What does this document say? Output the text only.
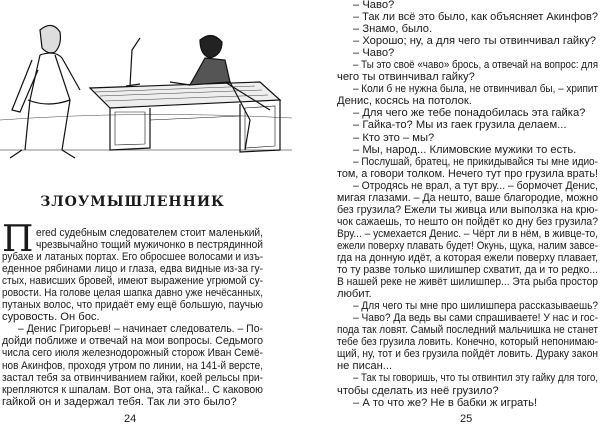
ЗЛОУМЫШЛЕННИК
П ered судебным следователем стоит маленький,
чрезвычайно тощий мужичонко в пестрядинной
рубахе и латаных портах. Его обросшее волосами и изъ-
еденное рябинами лицо и глаза, едва видные из-за гу-
стых, нависших бровей, имеют выражение угрюмой су-
ровости. На голове целая шапка давно уже нечёсанных,
путаных волос, что придаёт ему ещё большую, паучью
суровость. Он бос.
– Денис Григорьев! – начинает следователь. – По-
дойди поближе и отвечай на мои вопросы. Седьмого
числа сего июля железнодорожный сторож Иван Семё-
нов Акинфов, проходя утром по линии, на 141-й версте,
застал тебя за отвинчиванием гайки, коей рельсы при-
крепляются к шпалам. Вот она, эта гайка!.. С каковою
гайкой он и задержал тебя. Так ли это было?
24
– Чаво?
– Так ли всё это было, как объясняет Акинфов?
– Знамо, было.
– Хорошо; ну, а для чего ты отвинчивал гайку?
– Чаво?
– Ты это своё «чаво» брось, а отвечай на вопрос: для
чего ты отвинчивал гайку?
– Коли б не нужна была, не отвинчивал бы, – хрипит
Денис, косясь на потолок.
– Для чего же тебе понадобилась эта гайка?
– Гайка-то? Мы из гаек грузила делаем...
– Кто это – мы?
– Мы, народ... Климовские мужики то есть.
– Послушай, братец, не прикидывайся ты мне идио-
том, а говори толком. Нечего тут про грузила врать!
– Отродясь не врал, а тут вру... – бормочет Денис,
мигая глазами. – Да нешто, ваше благородие, можно
без грузила? Ежели ты живца или выползка на крю-
чок сажаешь, то нешто он пойдёт ко дну без грузила?
Вру... – усмехается Денис. – Чёрт ли в нём, в живце-то,
ежели поверху плавать будет! Окунь, щука, налим завсе-
гда на донную идёт, а которая ежели поверху плавает,
то ту разве только шилишпер схватит, да и то редко...
В нашей реке не живёт шилишпер... Эта рыба простор
любит.
– Для чего ты мне про шилишпера рассказываешь?
– Чаво? Да ведь вы сами спрашиваете! У нас и гос-
пода так ловят. Самый последний мальчишка не станет
тебе без грузила ловить. Конечно, который непонимаю-
щий, ну, тот и без грузила пойдёт ловить. Дураку закон
не писан...
– Так ты говоришь, что ты отвинтил эту гайку для того,
чтобы сделать из неё грузило?
– А то что же? Не в бабки ж играть!
25
